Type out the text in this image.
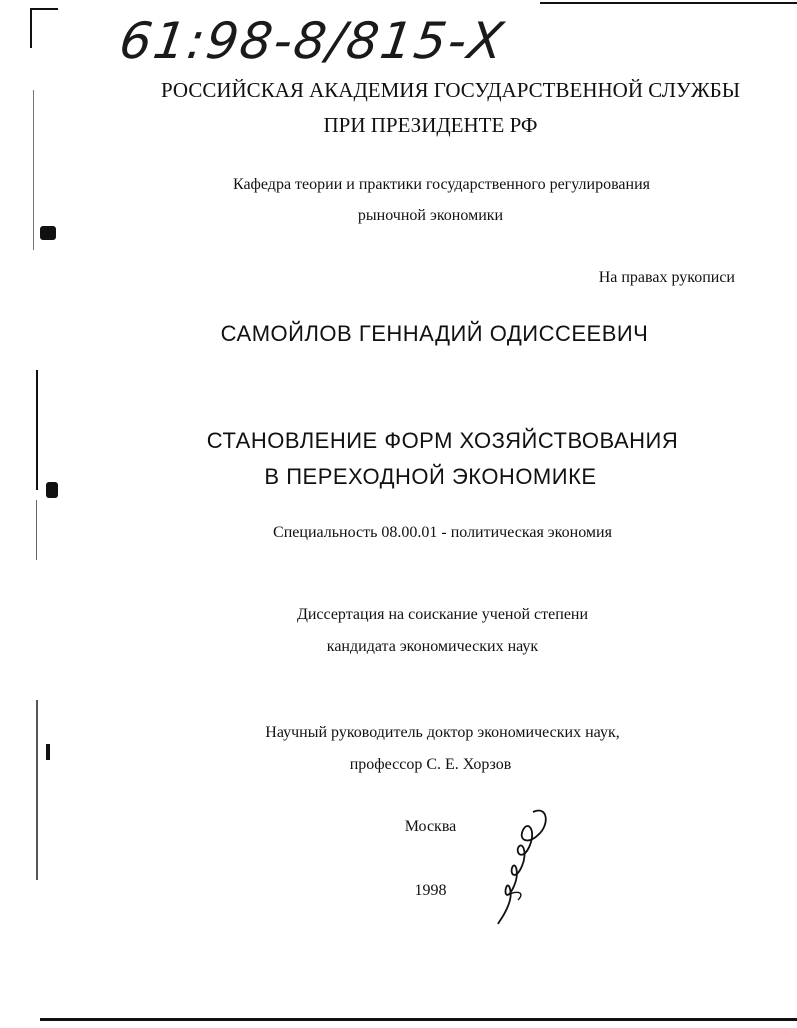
61:98-8/815-Х
РОССИЙСКАЯ АКАДЕМИЯ ГОСУДАРСТВЕННОЙ СЛУЖБЫ
ПРИ ПРЕЗИДЕНТЕ РФ
Кафедра теории и практики государственного регулирования
рыночной экономики
На правах рукописи
САМОЙЛОВ ГЕННАДИЙ ОДИССЕЕВИЧ
СТАНОВЛЕНИЕ ФОРМ ХОЗЯЙСТВОВАНИЯ
В ПЕРЕХОДНОЙ ЭКОНОМИКЕ
Специальность 08.00.01 - политическая экономия
Диссертация на соискание ученой степени
кандидата экономических наук
Научный руководитель доктор экономических наук,
профессор С. Е. Хорзов
Москва
1998
